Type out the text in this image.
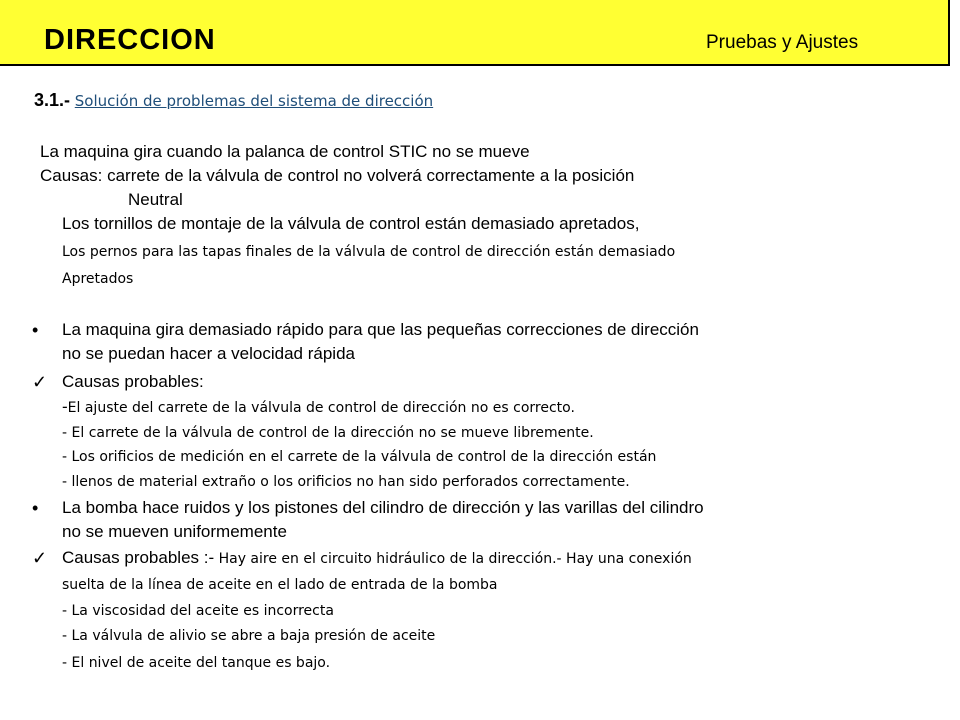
DIRECCION	Pruebas y Ajustes
3.1.- Solución de problemas del sistema de dirección
La maquina gira cuando la palanca de control STIC no se mueve
Causas: carrete de la válvula de control no volverá correctamente a la posición
Neutral
Los tornillos de montaje de la válvula de control están demasiado apretados,
Los pernos para las tapas finales de la válvula de control de dirección están demasiado
Apretados
• La maquina gira demasiado rápido para que las pequeñas correcciones de dirección
no se puedan hacer a velocidad rápida
✓ Causas probables:
-El ajuste del carrete de la válvula de control de dirección no es correcto.
- El carrete de la válvula de control de la dirección no se mueve libremente.
- Los orificios de medición en el carrete de la válvula de control de la dirección están
- llenos de material extraño o los orificios no han sido perforados correctamente.
• La bomba hace ruidos y los pistones del cilindro de dirección y las varillas del cilindro
no se mueven uniformemente
✓ Causas probables :- Hay aire en el circuito hidráulico de la dirección.- Hay una conexión
suelta de la línea de aceite en el lado de entrada de la bomba
- La viscosidad del aceite es incorrecta
- La válvula de alivio se abre a baja presión de aceite
- El nivel de aceite del tanque es bajo.
